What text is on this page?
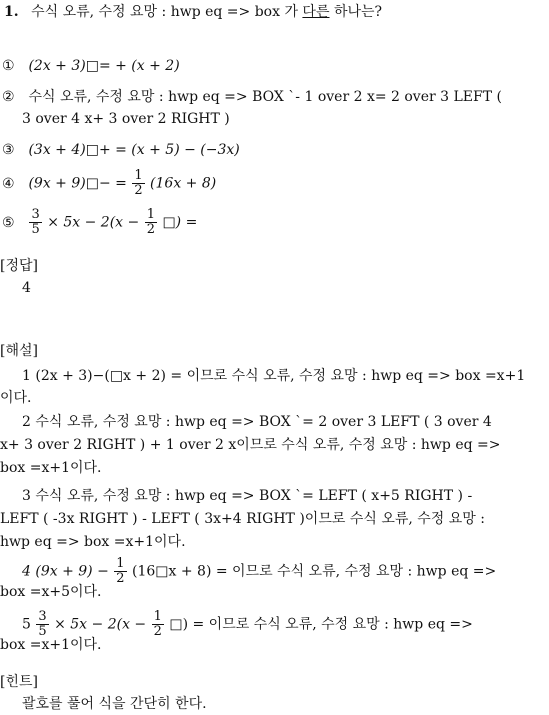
1. 수식 오류, 수정 요망 : hwp eq => box 가 다른 하나는?
① (2x + 3)□= + (x + 2)
② 수식 오류, 수정 요망 : hwp eq => BOX `- 1 over 2 x= 2 over 3 LEFT (
3 over 4 x+ 3 over 2 RIGHT )
③ (3x + 4)□+ = (x + 5) − (−3x)
④ (9x + 9)□− = $\frac{1}{2} (16x + 8)$
⑤ $\frac{3}{5} \times 5x - 2(x - \frac{1}{2}$ □) =
[정답]
4
[해설]
1 (2x + 3)−(□x + 2) = 이므로 수식 오류, 수정 요망 : hwp eq => box =x+1
이다.
2 수식 오류, 수정 요망 : hwp eq => BOX `= 2 over 3 LEFT ( 3 over 4
x+ 3 over 2 RIGHT ) + 1 over 2 x이므로 수식 오류, 수정 요망 : hwp eq =>
box =x+1이다.
3 수식 오류, 수정 요망 : hwp eq => BOX `= LEFT ( x+5 RIGHT ) -
LEFT ( -3x RIGHT ) - LEFT ( 3x+4 RIGHT )이므로 수식 오류, 수정 요망 :
hwp eq => box =x+1이다.
4 $(9x + 9) - \frac{1}{2}$ (16□x + 8) = 이므로 수식 오류, 수정 요망 : hwp eq =>
box =x+5이다.
$5 \frac{3}{5} \times 5x - 2(x - \frac{1}{2}$ □) = 이므로 수식 오류, 수정 요망 : hwp eq =>
box =x+1이다.
[힌트]
괄호를 풀어 식을 간단히 한다.
